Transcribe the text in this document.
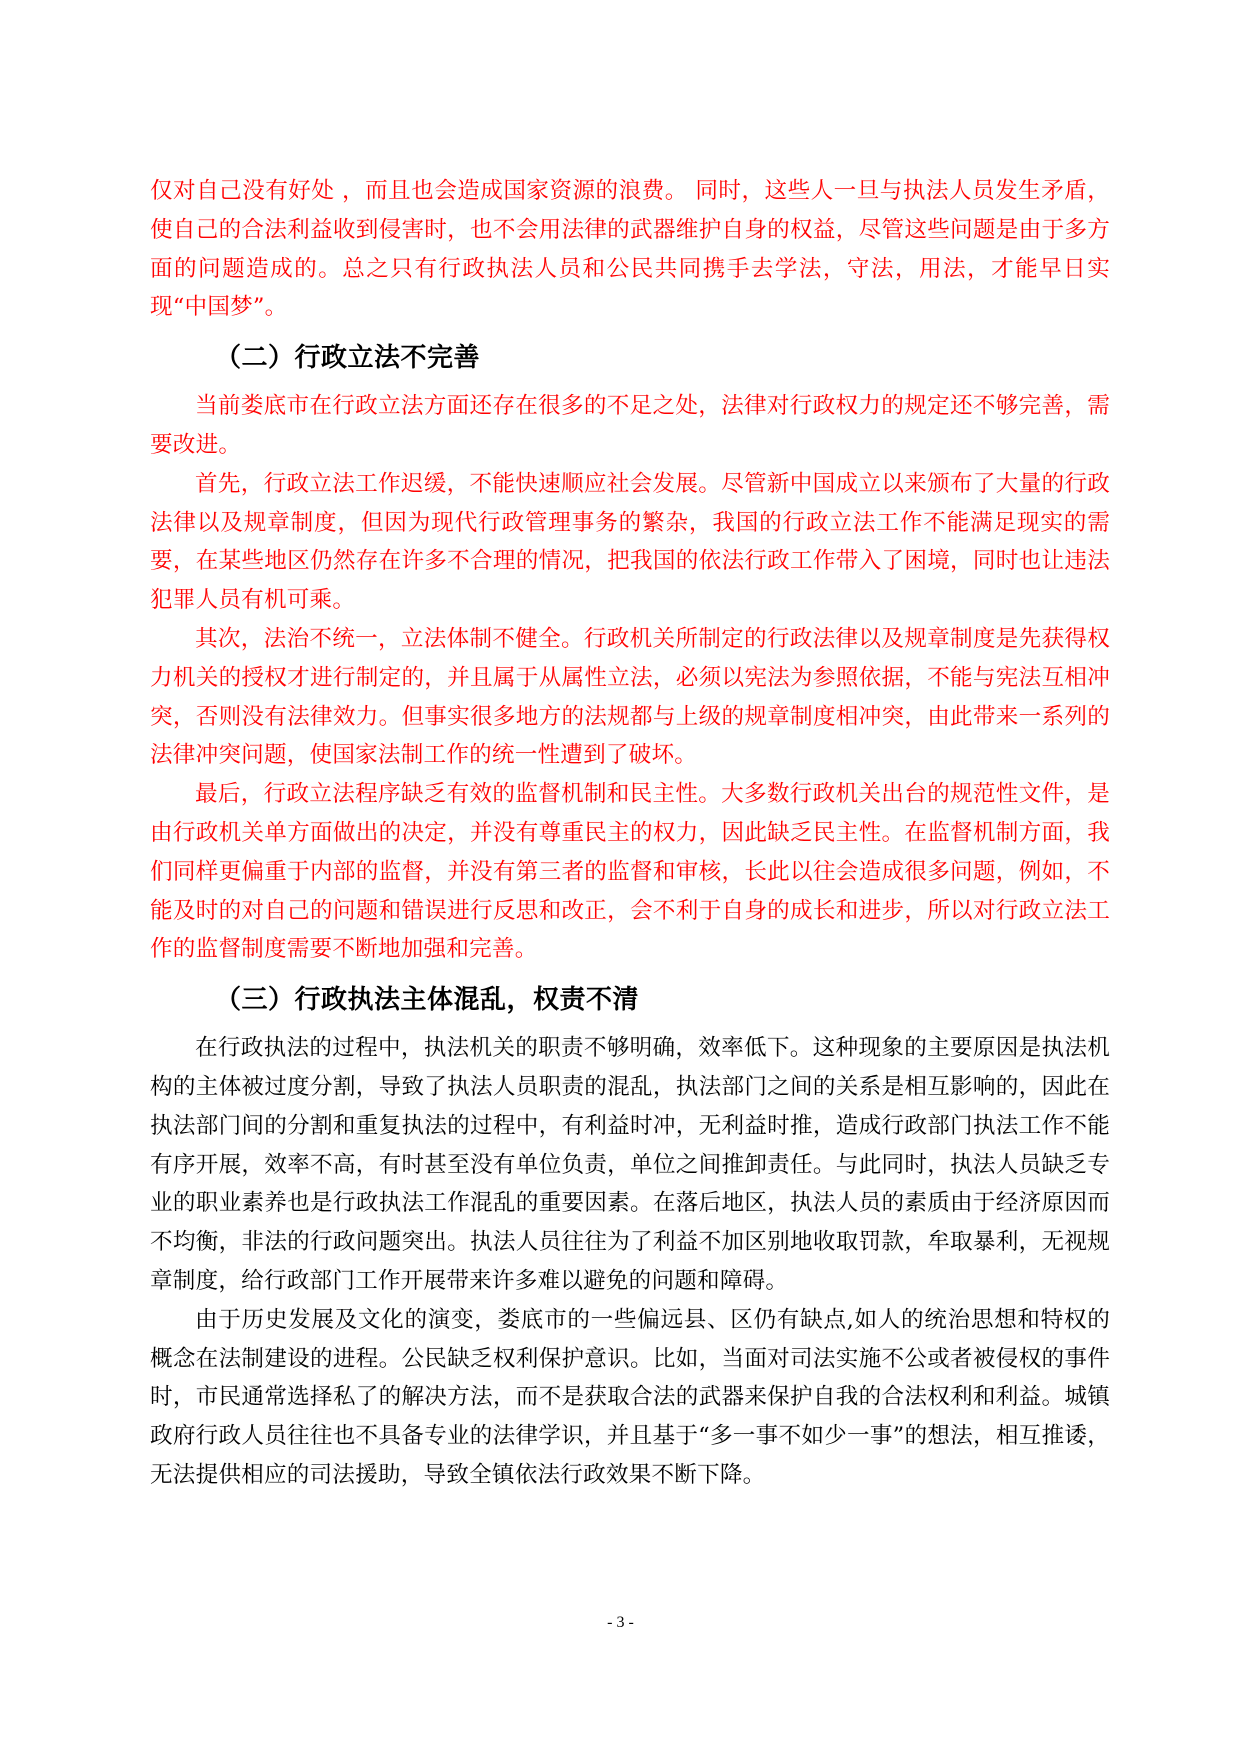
仅对自己没有好处 ，而且也会造成国家资源的浪费。 同时，这些人一旦与执法人员发生矛盾，使自己的合法利益收到侵害时，也不会用法律的武器维护自身的权益，尽管这些问题是由于多方面的问题造成的。总之只有行政执法人员和公民共同携手去学法，守法，用法，才能早日实现“中国梦”。

（二）行政立法不完善

当前娄底市在行政立法方面还存在很多的不足之处，法律对行政权力的规定还不够完善，需要改进。

首先，行政立法工作迟缓，不能快速顺应社会发展。尽管新中国成立以来颁布了大量的行政法律以及规章制度，但因为现代行政管理事务的繁杂，我国的行政立法工作不能满足现实的需要，在某些地区仍然存在许多不合理的情况，把我国的依法行政工作带入了困境，同时也让违法犯罪人员有机可乘。

其次，法治不统一，立法体制不健全。行政机关所制定的行政法律以及规章制度是先获得权力机关的授权才进行制定的，并且属于从属性立法，必须以宪法为参照依据，不能与宪法互相冲突，否则没有法律效力。但事实很多地方的法规都与上级的规章制度相冲突，由此带来一系列的法律冲突问题，使国家法制工作的统一性遭到了破坏。

最后，行政立法程序缺乏有效的监督机制和民主性。大多数行政机关出台的规范性文件，是由行政机关单方面做出的决定，并没有尊重民主的权力，因此缺乏民主性。在监督机制方面，我们同样更偏重于内部的监督，并没有第三者的监督和审核，长此以往会造成很多问题，例如，不能及时的对自己的问题和错误进行反思和改正，会不利于自身的成长和进步，所以对行政立法工作的监督制度需要不断地加强和完善。

（三）行政执法主体混乱，权责不清

在行政执法的过程中，执法机关的职责不够明确，效率低下。这种现象的主要原因是执法机构的主体被过度分割，导致了执法人员职责的混乱，执法部门之间的关系是相互影响的，因此在执法部门间的分割和重复执法的过程中，有利益时冲，无利益时推，造成行政部门执法工作不能有序开展，效率不高，有时甚至没有单位负责，单位之间推卸责任。与此同时，执法人员缺乏专业的职业素养也是行政执法工作混乱的重要因素。在落后地区，执法人员的素质由于经济原因而不均衡，非法的行政问题突出。执法人员往往为了利益不加区别地收取罚款，牟取暴利，无视规章制度，给行政部门工作开展带来许多难以避免的问题和障碍。

由于历史发展及文化的演变，娄底市的一些偏远县、区仍有缺点,如人的统治思想和特权的概念在法制建设的进程。公民缺乏权利保护意识。比如，当面对司法实施不公或者被侵权的事件时，市民通常选择私了的解决方法，而不是获取合法的武器来保护自我的合法权利和利益。城镇政府行政人员往往也不具备专业的法律学识，并且基于“多一事不如少一事”的想法，相互推诿，无法提供相应的司法援助，导致全镇依法行政效果不断下降。

- 3 -
